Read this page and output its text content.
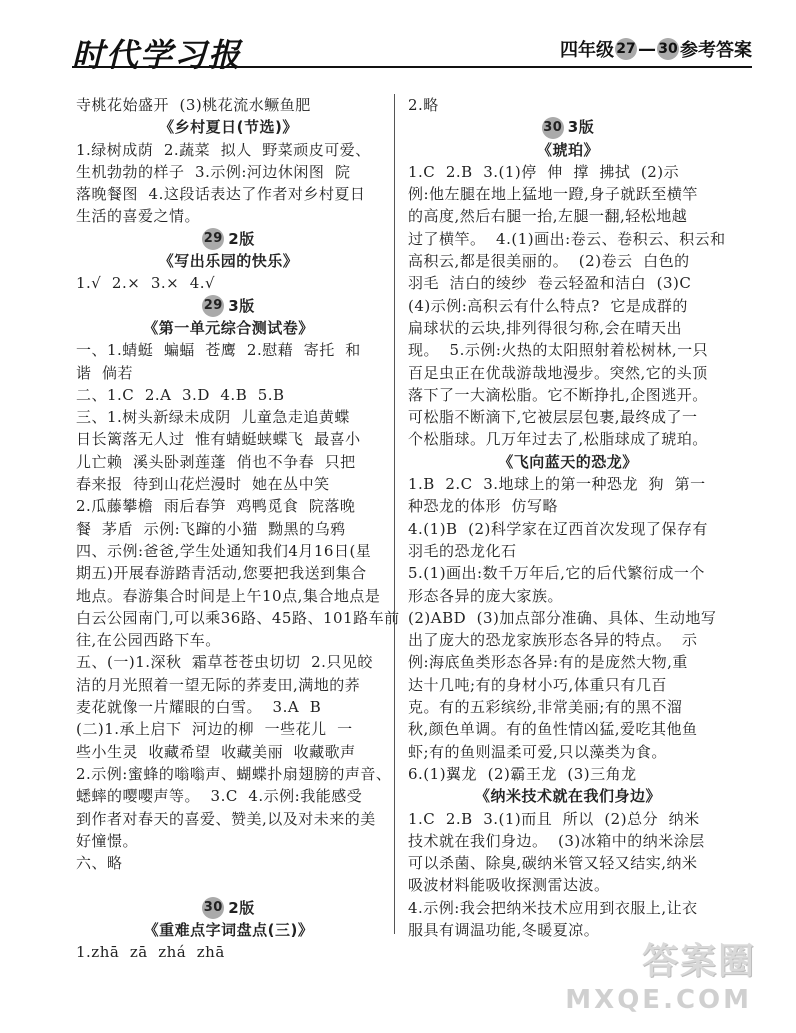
时代学习报	四年级 27 — 30 参考答案
寺桃花始盛开  (3)桃花流水鳜鱼肥
《乡村夏日(节选)》
1.绿树成荫  2.蔬菜  拟人  野菜顽皮可爱、
生机勃勃的样子  3.示例:河边休闲图  院
落晚餐图  4.这段话表达了作者对乡村夏日
生活的喜爱之情。
29 2版
《写出乐园的快乐》
1.√  2.×  3.×  4.√
29 3版
《第一单元综合测试卷》
一、1.蜻蜓  蝙蝠  苍鹰  2.慰藉  寄托  和
谐  倘若
二、1.C  2.A  3.D  4.B  5.B
三、1.树头新绿未成阴  儿童急走追黄蝶
日长篱落无人过  惟有蜻蜓蛱蝶飞  最喜小
儿亡赖  溪头卧剥莲蓬  俏也不争春  只把
春来报  待到山花烂漫时  她在丛中笑
2.瓜藤攀檐  雨后春笋  鸡鸭觅食  院落晚
餐  茅盾  示例:飞蹿的小猫  黝黑的乌鸦
四、示例:爸爸,学生处通知我们4月16日(星
期五)开展春游踏青活动,您要把我送到集合
地点。春游集合时间是上午10点,集合地点是
白云公园南门,可以乘36路、45路、101路车前
往,在公园西路下车。
五、(一)1.深秋  霜草苍苍虫切切  2.只见皎
洁的月光照着一望无际的荞麦田,满地的荞
麦花就像一片耀眼的白雪。  3.A  B
(二)1.承上启下  河边的柳  一些花儿  一
些小生灵  收藏希望  收藏美丽  收藏歌声
2.示例:蜜蜂的嗡嗡声、蝴蝶扑扇翅膀的声音、
蟋蟀的嘤嘤声等。  3.C  4.示例:我能感受
到作者对春天的喜爱、赞美,以及对未来的美
好憧憬。
六、略
30 2版
《重难点字词盘点(三)》
1.zhā  zā  zhá  zhā
2.略
30 3版
《琥珀》
1.C  2.B  3.(1)停  伸  撑  拂拭  (2)示
例:他左腿在地上猛地一蹬,身子就跃至横竿
的高度,然后右腿一抬,左腿一翻,轻松地越
过了横竿。  4.(1)画出:卷云、卷积云、积云和
高积云,都是很美丽的。  (2)卷云  白色的
羽毛  洁白的绫纱  卷云轻盈和洁白  (3)C
(4)示例:高积云有什么特点?  它是成群的
扁球状的云块,排列得很匀称,会在晴天出
现。  5.示例:火热的太阳照射着松树林,一只
百足虫正在优哉游哉地漫步。突然,它的头顶
落下了一大滴松脂。它不断挣扎,企图逃开。
可松脂不断滴下,它被层层包裹,最终成了一
个松脂球。几万年过去了,松脂球成了琥珀。
《飞向蓝天的恐龙》
1.B  2.C  3.地球上的第一种恐龙  狗  第一
种恐龙的体形  仿写略
4.(1)B  (2)科学家在辽西首次发现了保存有
羽毛的恐龙化石
5.(1)画出:数千万年后,它的后代繁衍成一个
形态各异的庞大家族。
(2)ABD  (3)加点部分准确、具体、生动地写
出了庞大的恐龙家族形态各异的特点。  示
例:海底鱼类形态各异:有的是庞然大物,重
达十几吨;有的身材小巧,体重只有几百
克。有的五彩缤纷,非常美丽;有的黑不溜
秋,颜色单调。有的鱼性情凶猛,爱吃其他鱼
虾;有的鱼则温柔可爱,只以藻类为食。
6.(1)翼龙  (2)霸王龙  (3)三角龙
《纳米技术就在我们身边》
1.C  2.B  3.(1)而且  所以  (2)总分  纳米
技术就在我们身边。  (3)冰箱中的纳米涂层
可以杀菌、除臭,碳纳米管又轻又结实,纳米
吸波材料能吸收探测雷达波。
4.示例:我会把纳米技术应用到衣服上,让衣
服具有调温功能,冬暖夏凉。
答案圈
MXQE.COM
